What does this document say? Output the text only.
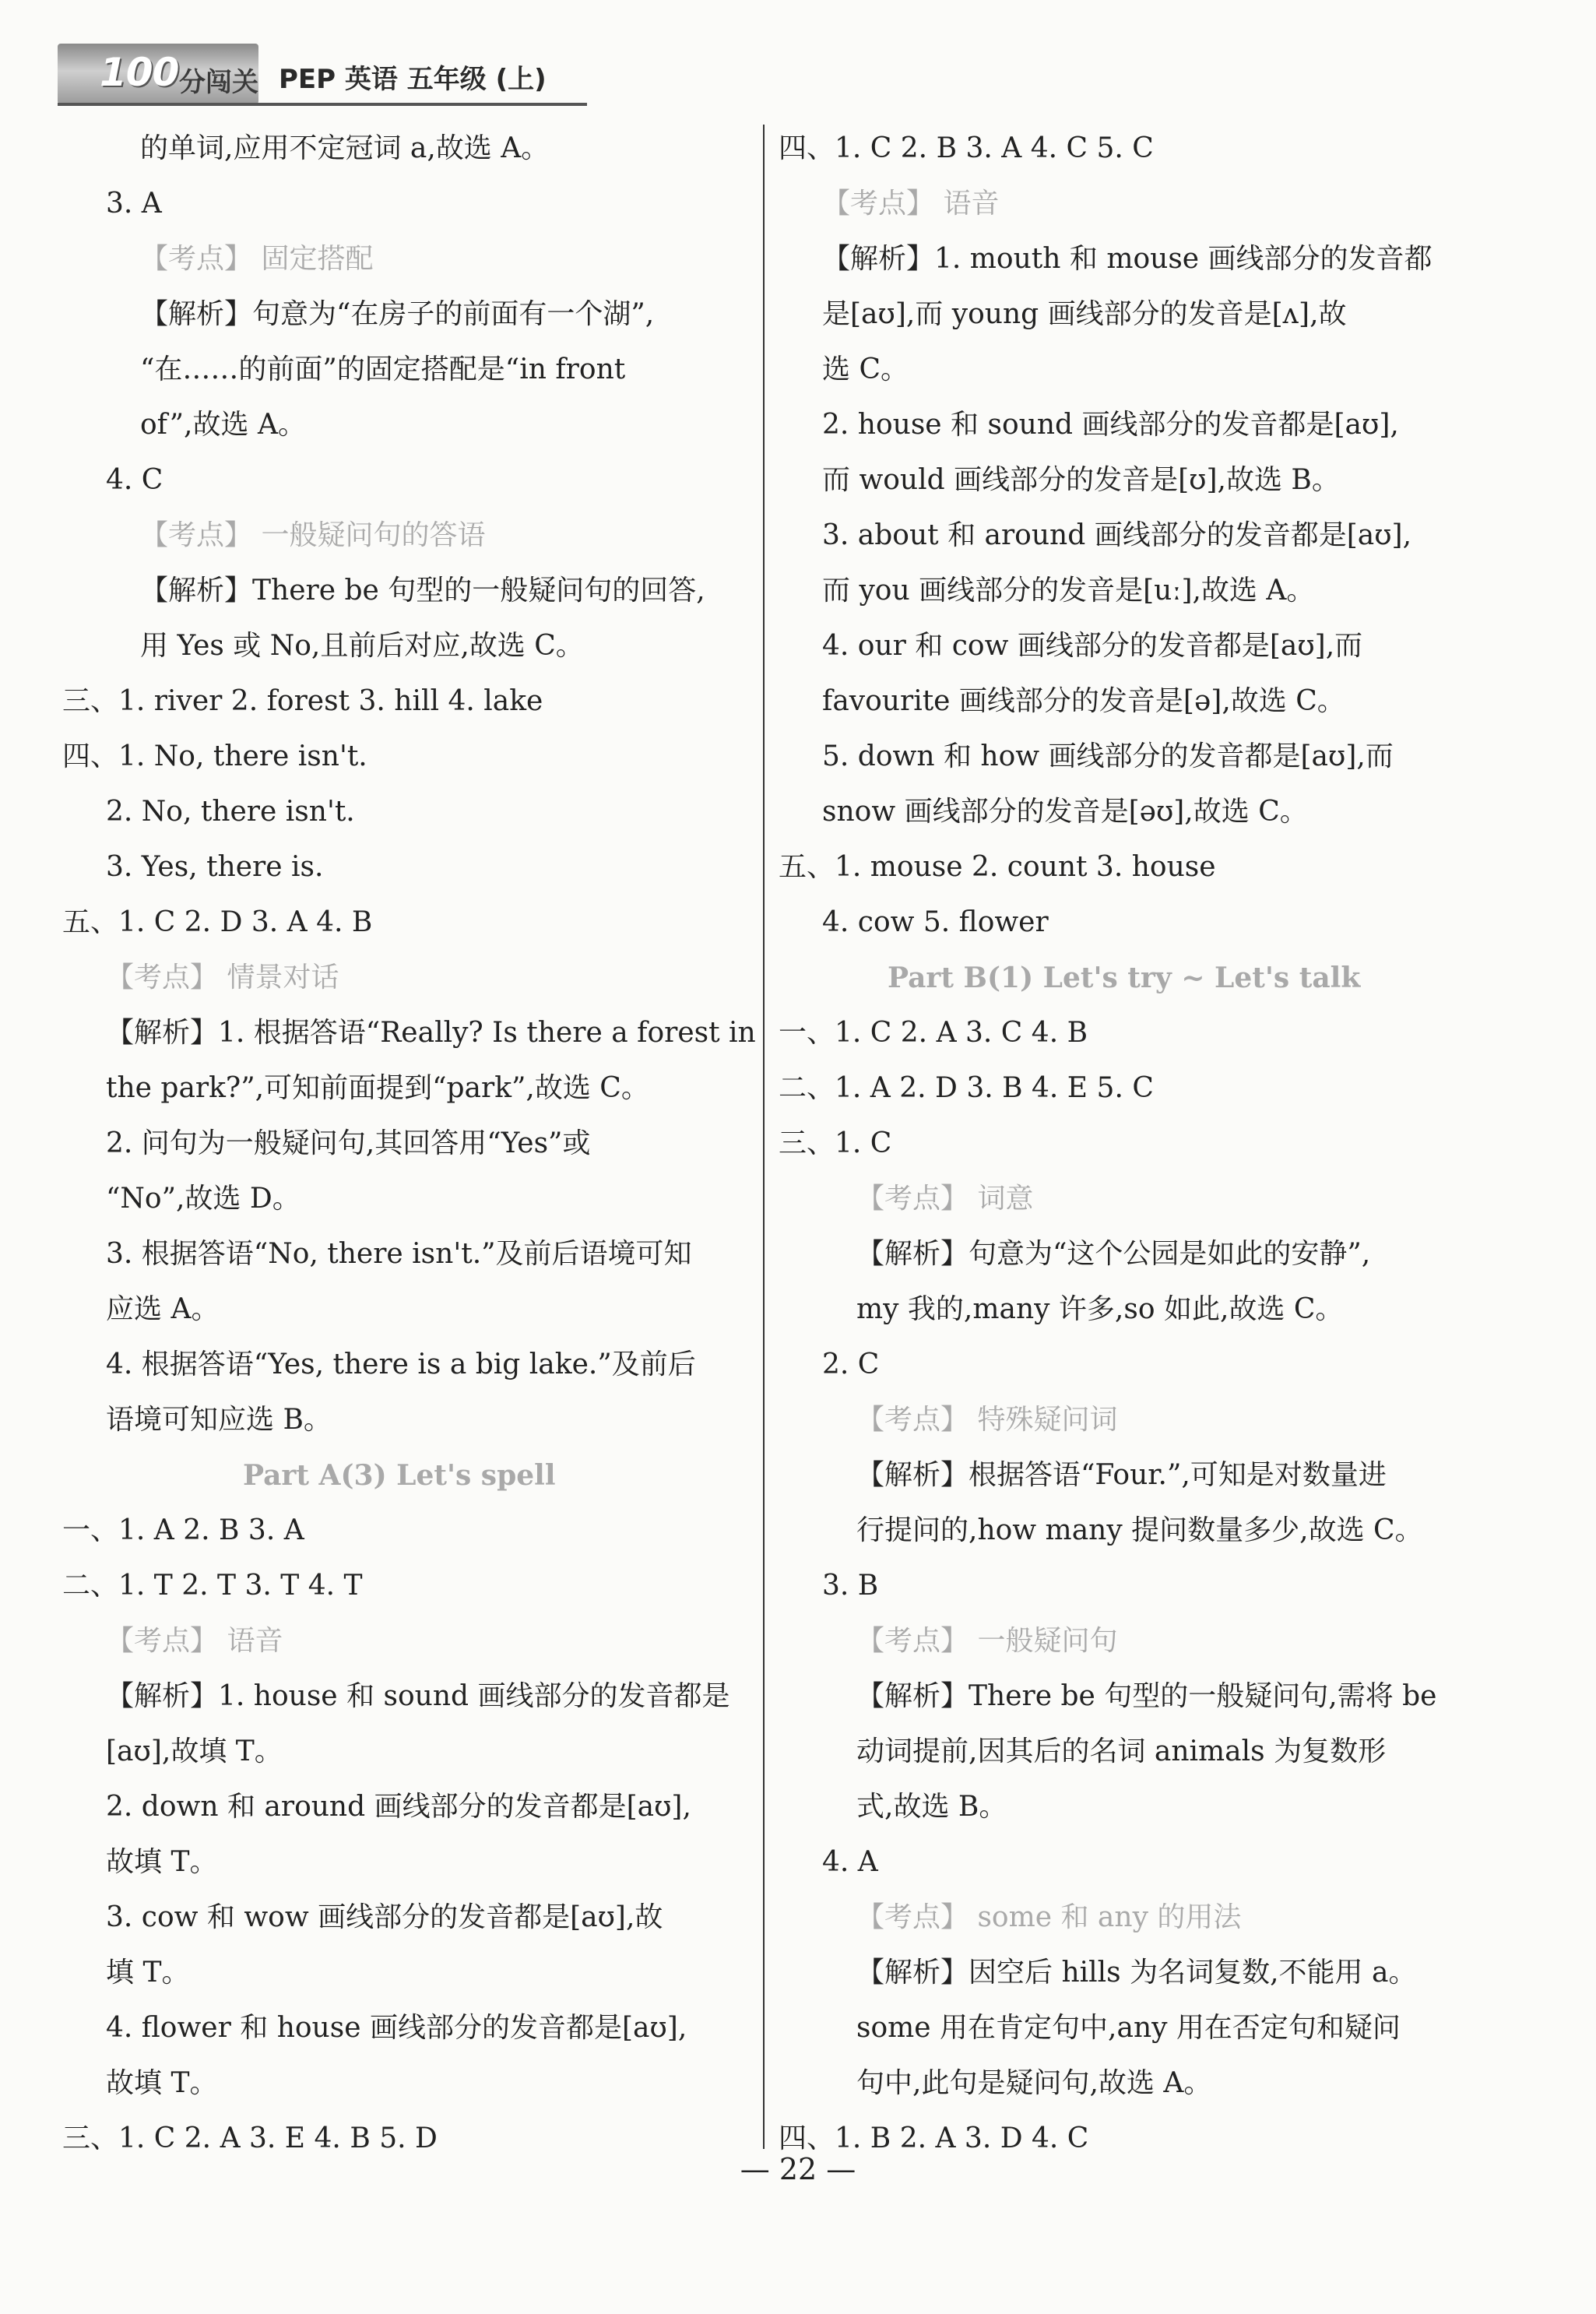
100 分闯关 PEP 英语 五年级 (上)
的单词,应用不定冠词 a,故选 A。
3. A
【考点】 固定搭配
【解析】句意为“在房子的前面有一个湖”,
“在……的前面”的固定搭配是“in front
of”,故选 A。
4. C
【考点】 一般疑问句的答语
【解析】There be 句型的一般疑问句的回答,
用 Yes 或 No,且前后对应,故选 C。
三、1. river 2. forest 3. hill 4. lake
四、1. No, there isn't.
2. No, there isn't.
3. Yes, there is.
五、1. C 2. D 3. A 4. B
【考点】 情景对话
【解析】1. 根据答语“Really? Is there a forest in
the park?”,可知前面提到“park”,故选 C。
2. 问句为一般疑问句,其回答用“Yes”或
“No”,故选 D。
3. 根据答语“No, there isn't.”及前后语境可知
应选 A。
4. 根据答语“Yes, there is a big lake.”及前后
语境可知应选 B。
Part A(3) Let's spell
一、1. A 2. B 3. A
二、1. T 2. T 3. T 4. T
【考点】 语音
【解析】1. house 和 sound 画线部分的发音都是
[aʊ],故填 T。
2. down 和 around 画线部分的发音都是[aʊ],
故填 T。
3. cow 和 wow 画线部分的发音都是[aʊ],故
填 T。
4. flower 和 house 画线部分的发音都是[aʊ],
故填 T。
三、1. C 2. A 3. E 4. B 5. D
四、1. C 2. B 3. A 4. C 5. C
【考点】 语音
【解析】1. mouth 和 mouse 画线部分的发音都
是[aʊ],而 young 画线部分的发音是[ʌ],故
选 C。
2. house 和 sound 画线部分的发音都是[aʊ],
而 would 画线部分的发音是[ʊ],故选 B。
3. about 和 around 画线部分的发音都是[aʊ],
而 you 画线部分的发音是[uː],故选 A。
4. our 和 cow 画线部分的发音都是[aʊ],而
favourite 画线部分的发音是[ə],故选 C。
5. down 和 how 画线部分的发音都是[aʊ],而
snow 画线部分的发音是[əʊ],故选 C。
五、1. mouse 2. count 3. house
4. cow 5. flower
Part B(1) Let's try ~ Let's talk
一、1. C 2. A 3. C 4. B
二、1. A 2. D 3. B 4. E 5. C
三、1. C
【考点】 词意
【解析】句意为“这个公园是如此的安静”,
my 我的,many 许多,so 如此,故选 C。
2. C
【考点】 特殊疑问词
【解析】根据答语“Four.”,可知是对数量进
行提问的,how many 提问数量多少,故选 C。
3. B
【考点】 一般疑问句
【解析】There be 句型的一般疑问句,需将 be
动词提前,因其后的名词 animals 为复数形
式,故选 B。
4. A
【考点】 some 和 any 的用法
【解析】因空后 hills 为名词复数,不能用 a。
some 用在肯定句中,any 用在否定句和疑问
句中,此句是疑问句,故选 A。
四、1. B 2. A 3. D 4. C
— 22 —
